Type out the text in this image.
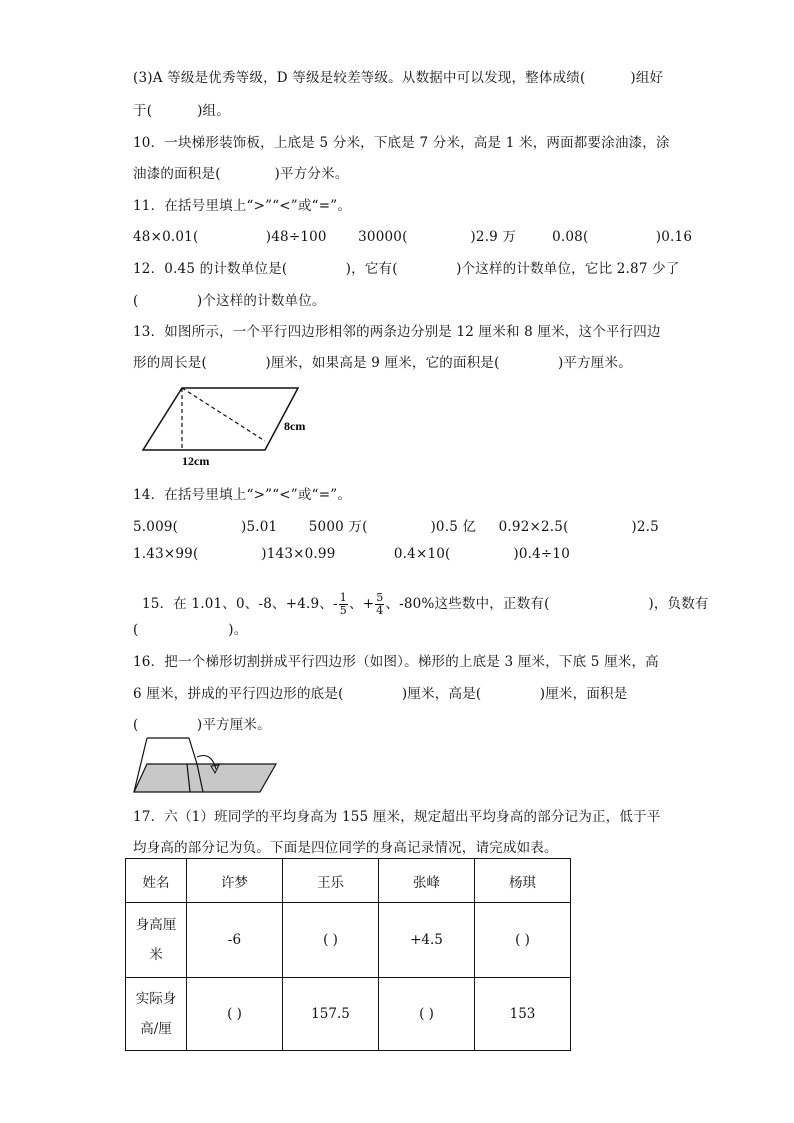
(3)A 等级是优秀等级，D 等级是较差等级。从数据中可以发现，整体成绩(          )组好
于(          )组。
10．一块梯形装饰板，上底是 5 分米，下底是 7 分米，高是 1 米，两面都要涂油漆，涂
油漆的面积是(            )平方分米。
11．在括号里填上“>”“<”或“=”。
48×0.01(               )48÷100       30000(              )2.9 万        0.08(               )0.16
12．0.45 的计数单位是(             )，它有(             )个这样的计数单位，它比 2.87 少了
(             )个这样的计数单位。
13．如图所示，一个平行四边形相邻的两条边分别是 12 厘米和 8 厘米，这个平行四边
形的周长是(             )厘米，如果高是 9 厘米，它的面积是(             )平方厘米。
8cm
12cm
14．在括号里填上“>”“<”或“=”。
5.009(              )5.01       5000 万(              )0.5 亿     0.92×2.5(              )2.5
1.43×99(              )143×0.99             0.4×10(              )0.4÷10

15．在 1.01、0、-8、+4.9、- $\frac{1}{5}$ 、+ $\frac{5}{4}$ 、-80%这些数中，正数有(                      )，负数有

(                    )。
16．把一个梯形切割拼成平行四边形（如图）。梯形的上底是 3 厘米，下底 5 厘米，高
6 厘米，拼成的平行四边形的底是(             )厘米，高是(             )厘米，面积是
(             )平方厘米。
17．六（1）班同学的平均身高为 155 厘米，规定超出平均身高的部分记为正，低于平
均身高的部分记为负。下面是四位同学的身高记录情况，请完成如表。
姓名	许梦	王乐	张峰	杨琪

身高厘
米	-6	( )	+4.5	( )

实际身
高/厘	( )	157.5	( )	153
